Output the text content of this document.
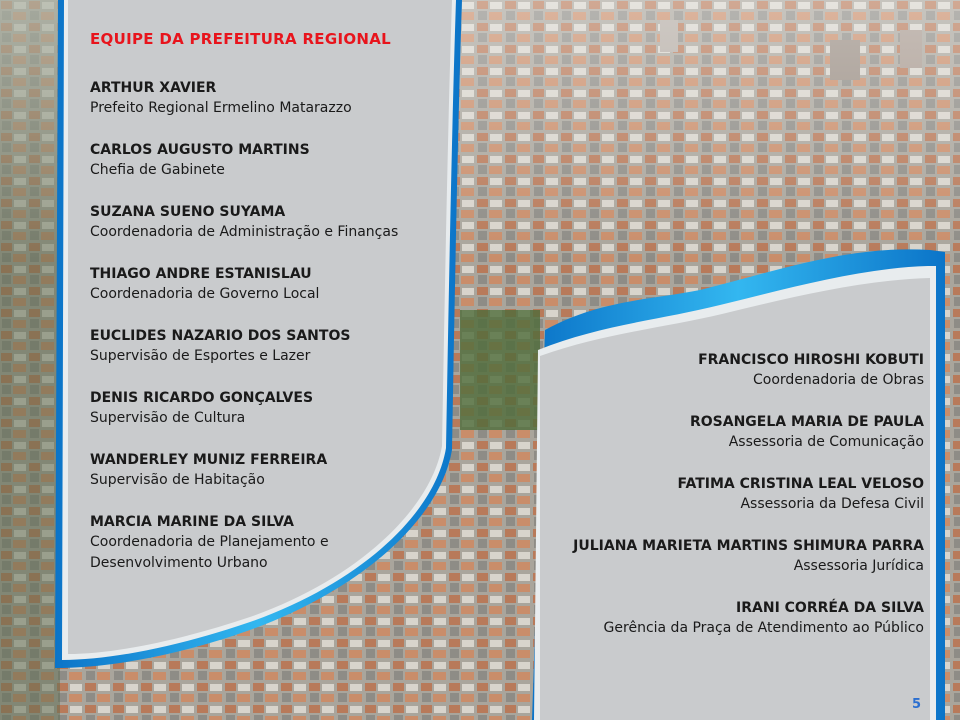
EQUIPE DA PREFEITURA REGIONAL
ARTHUR XAVIER
Prefeito Regional Ermelino Matarazzo
CARLOS AUGUSTO MARTINS
Chefia de Gabinete
SUZANA SUENO SUYAMA
Coordenadoria de Administração e Finanças
THIAGO ANDRE ESTANISLAU
Coordenadoria de Governo Local
EUCLIDES NAZARIO DOS SANTOS
Supervisão de Esportes e Lazer
DENIS RICARDO GONÇALVES
Supervisão de Cultura
WANDERLEY MUNIZ FERREIRA
Supervisão de Habitação
MARCIA MARINE DA SILVA
Coordenadoria de Planejamento e
Desenvolvimento Urbano
FRANCISCO HIROSHI KOBUTI
Coordenadoria de Obras
ROSANGELA MARIA DE PAULA
Assessoria de Comunicação
FATIMA CRISTINA LEAL VELOSO
Assessoria da Defesa Civil
JULIANA MARIETA MARTINS SHIMURA PARRA
Assessoria Jurídica
IRANI CORRÉA DA SILVA
Gerência da Praça de Atendimento ao Público
5
